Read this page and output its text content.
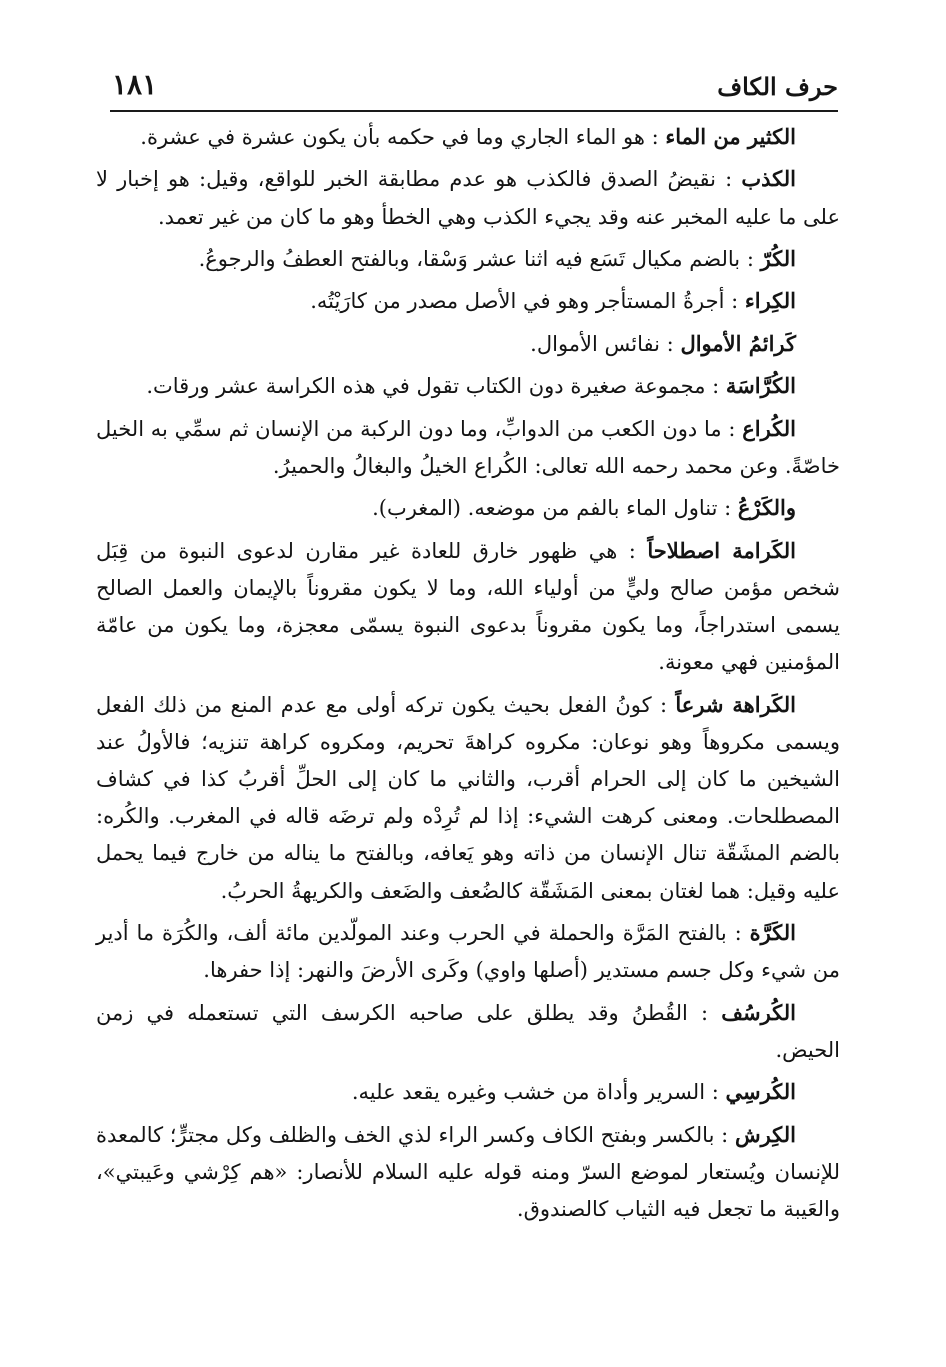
حرف الكاف
١٨١

الكثير من الماء : هو الماء الجاري وما في حكمه بأن يكون عشرة في عشرة.

الكذب : نقيضُ الصدق فالكذب هو عدم مطابقة الخبر للواقع، وقيل: هو إخبار لا على ما عليه المخبر عنه وقد يجيء الكذب وهي الخطأ وهو ما كان من غير تعمد.

الكُرّ : بالضم مكيال تَسَع فيه اثنا عشر وَسْقا، وبالفتح العطفُ والرجوعُ.

الكِراء : أجرةُ المستأجر وهو في الأصل مصدر من كارَيْتُه.

كَرائمُ الأموال : نفائس الأموال.

الكُرَّاسَة : مجموعة صغيرة دون الكتاب تقول في هذه الكراسة عشر ورقات.

الكُراع : ما دون الكعب من الدوابِّ، وما دون الركبة من الإنسان ثم سمِّي به الخيل خاصّةً. وعن محمد رحمه الله تعالى: الكُراع الخيلُ والبغالُ والحميرُ.

والكَرْعُ : تناول الماء بالفم من موضعه. (المغرب).

الكَرامة اصطلاحاً : هي ظهور خارق للعادة غير مقارن لدعوى النبوة من قِبَل شخص مؤمن صالح وليٍّ من أولياء الله، وما لا يكون مقروناً بالإيمان والعمل الصالح يسمى استدراجاً، وما يكون مقروناً بدعوى النبوة يسمّى معجزة، وما يكون من عامّة المؤمنين فهي معونة.

الكَراهة شرعاً : كونُ الفعل بحيث يكون تركه أولى مع عدم المنع من ذلك الفعل ويسمى مكروهاً وهو نوعان: مكروه كراهةَ تحريم، ومكروه كراهة تنزيه؛ فالأولُ عند الشيخين ما كان إلى الحرام أقرب، والثاني ما كان إلى الحلِّ أقربُ كذا في كشاف المصطلحات. ومعنى كرهت الشيء: إذا لم تُرِدْه ولم ترضَه قاله في المغرب. والكُره: بالضم المشَقّة تنال الإنسان من ذاته وهو يَعافه، وبالفتح ما يناله من خارج فيما يحمل عليه وقيل: هما لغتان بمعنى المَشَقّة كالضُعف والضَعف والكريهةُ الحربُ.

الكَرَّة : بالفتح المَرَّة والحملة في الحرب وعند المولّدين مائة ألف، والكُرَة ما أدير من شيء وكل جسم مستدير (أصلها واوي) وكَرى الأرضَ والنهر: إذا حفرها.

الكُرسُف : القُطنُ وقد يطلق على صاحبه الكرسف التي تستعمله في زمن الحيض.

الكُرسِي : السرير وأداة من خشب وغيره يقعد عليه.

الكِرش : بالكسر وبفتح الكاف وكسر الراء لذي الخف والظلف وكل مجترٍّ؛ كالمعدة للإنسان ويُستعار لموضع السرّ ومنه قوله عليه السلام للأنصار: «هم كِرْشي وعَيبتي»، والعَيبة ما تجعل فيه الثياب كالصندوق.
